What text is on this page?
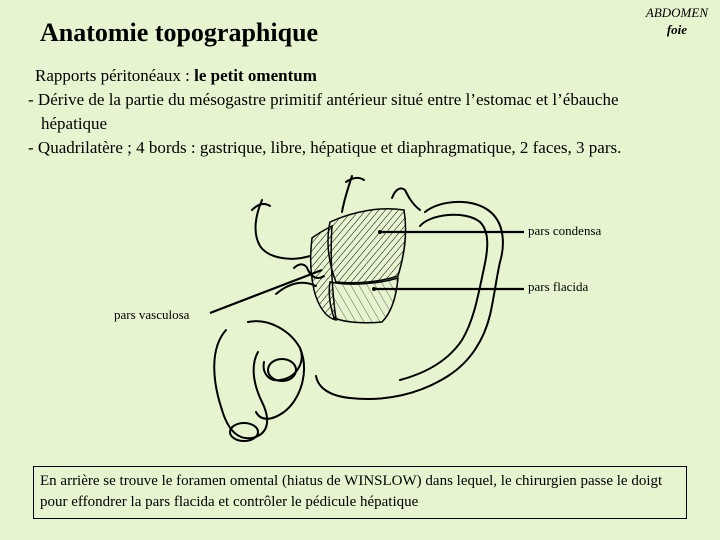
ABDOMEN
foie
Anatomie topographique
Rapports péritonéaux : le petit omentum
- Dérive de la partie du mésogastre primitif antérieur situé entre l’estomac et l’ébauche hépatique
- Quadrilatère ; 4 bords : gastrique, libre, hépatique et diaphragmatique, 2 faces, 3 pars.
pars condensa
pars flacida
pars vasculosa
En arrière se trouve le foramen omental (hiatus de WINSLOW) dans lequel, le chirurgien passe le doigt pour effondrer la pars flacida et contrôler le pédicule hépatique
